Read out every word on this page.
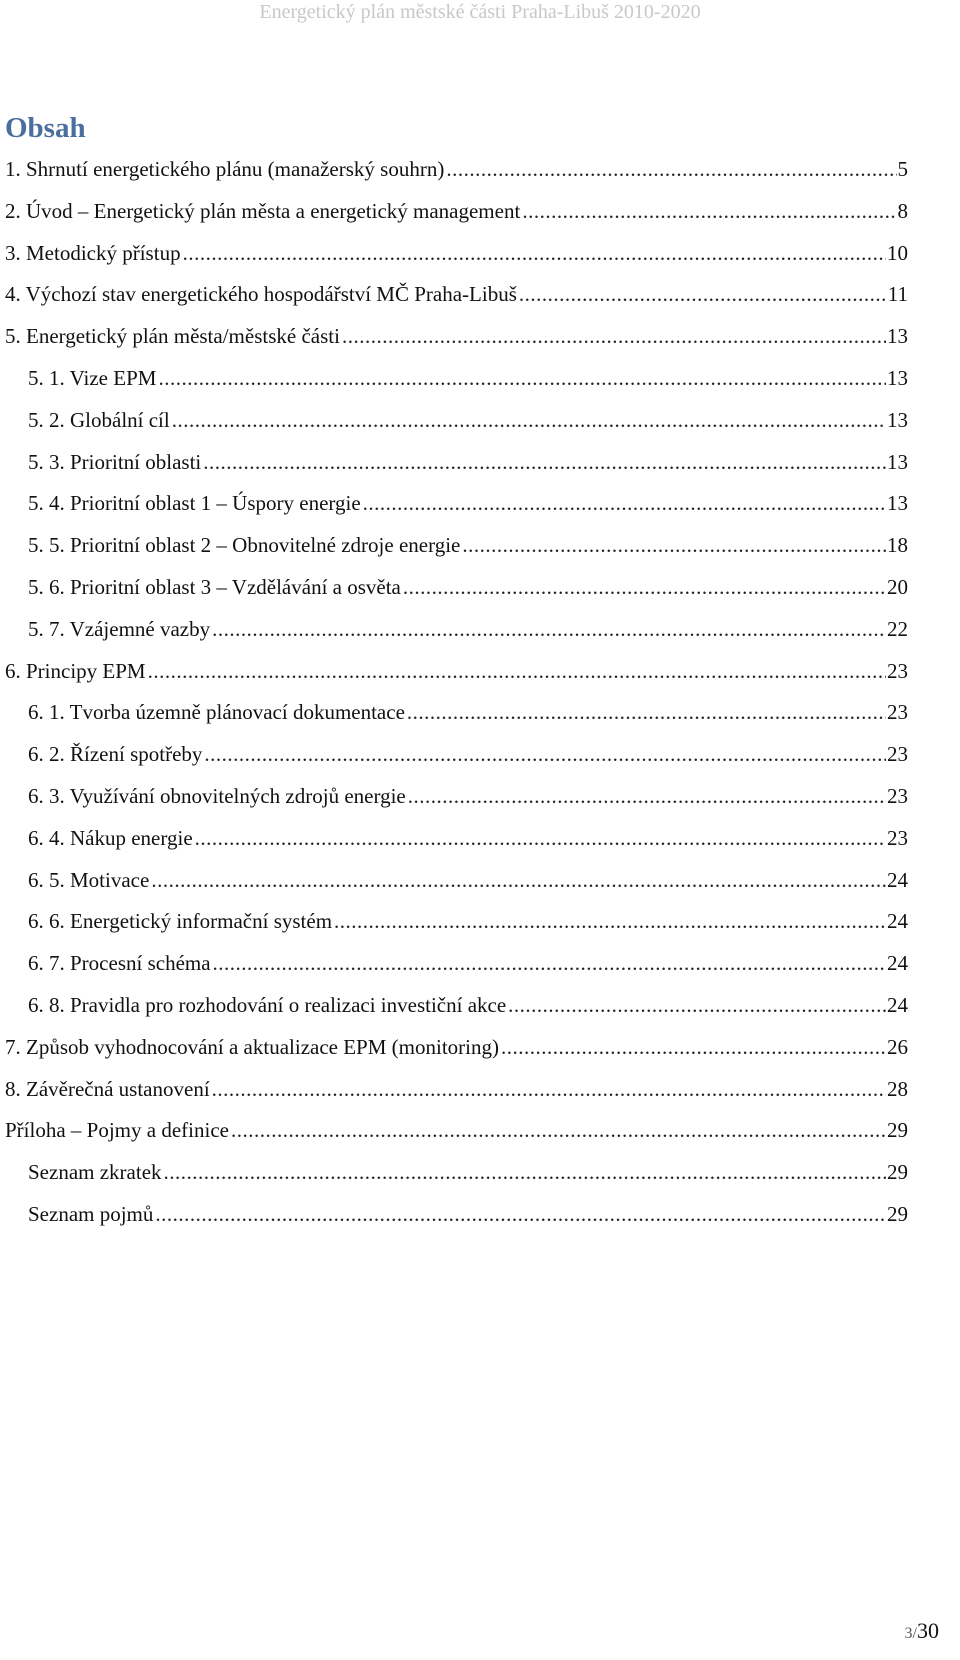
Energetický plán městské části Praha-Libuš 2010-2020
Obsah
1. Shrnutí energetického plánu (manažerský souhrn) .....	5
2. Úvod – Energetický plán města a energetický management .....	8
3. Metodický přístup .....	10
4. Výchozí stav energetického hospodářství MČ Praha-Libuš .....	11
5. Energetický plán města/městské části .....	13
5. 1. Vize EPM .....	13
5. 2. Globální cíl .....	13
5. 3. Prioritní oblasti .....	13
5. 4. Prioritní oblast 1 – Úspory energie .....	13
5. 5. Prioritní oblast 2 – Obnovitelné zdroje energie .....	18
5. 6. Prioritní oblast 3 – Vzdělávání a osvěta .....	20
5. 7. Vzájemné vazby .....	22
6. Principy EPM .....	23
6. 1. Tvorba územně plánovací dokumentace .....	23
6. 2. Řízení spotřeby .....	23
6. 3. Využívání obnovitelných zdrojů energie .....	23
6. 4. Nákup energie .....	23
6. 5. Motivace .....	24
6. 6. Energetický informační systém .....	24
6. 7. Procesní schéma .....	24
6. 8. Pravidla pro rozhodování o realizaci investiční akce .....	24
7. Způsob vyhodnocování a aktualizace EPM (monitoring) .....	26
8. Závěrečná ustanovení .....	28
Příloha – Pojmy a definice .....	29
Seznam zkratek .....	29
Seznam pojmů .....	29
3/30
